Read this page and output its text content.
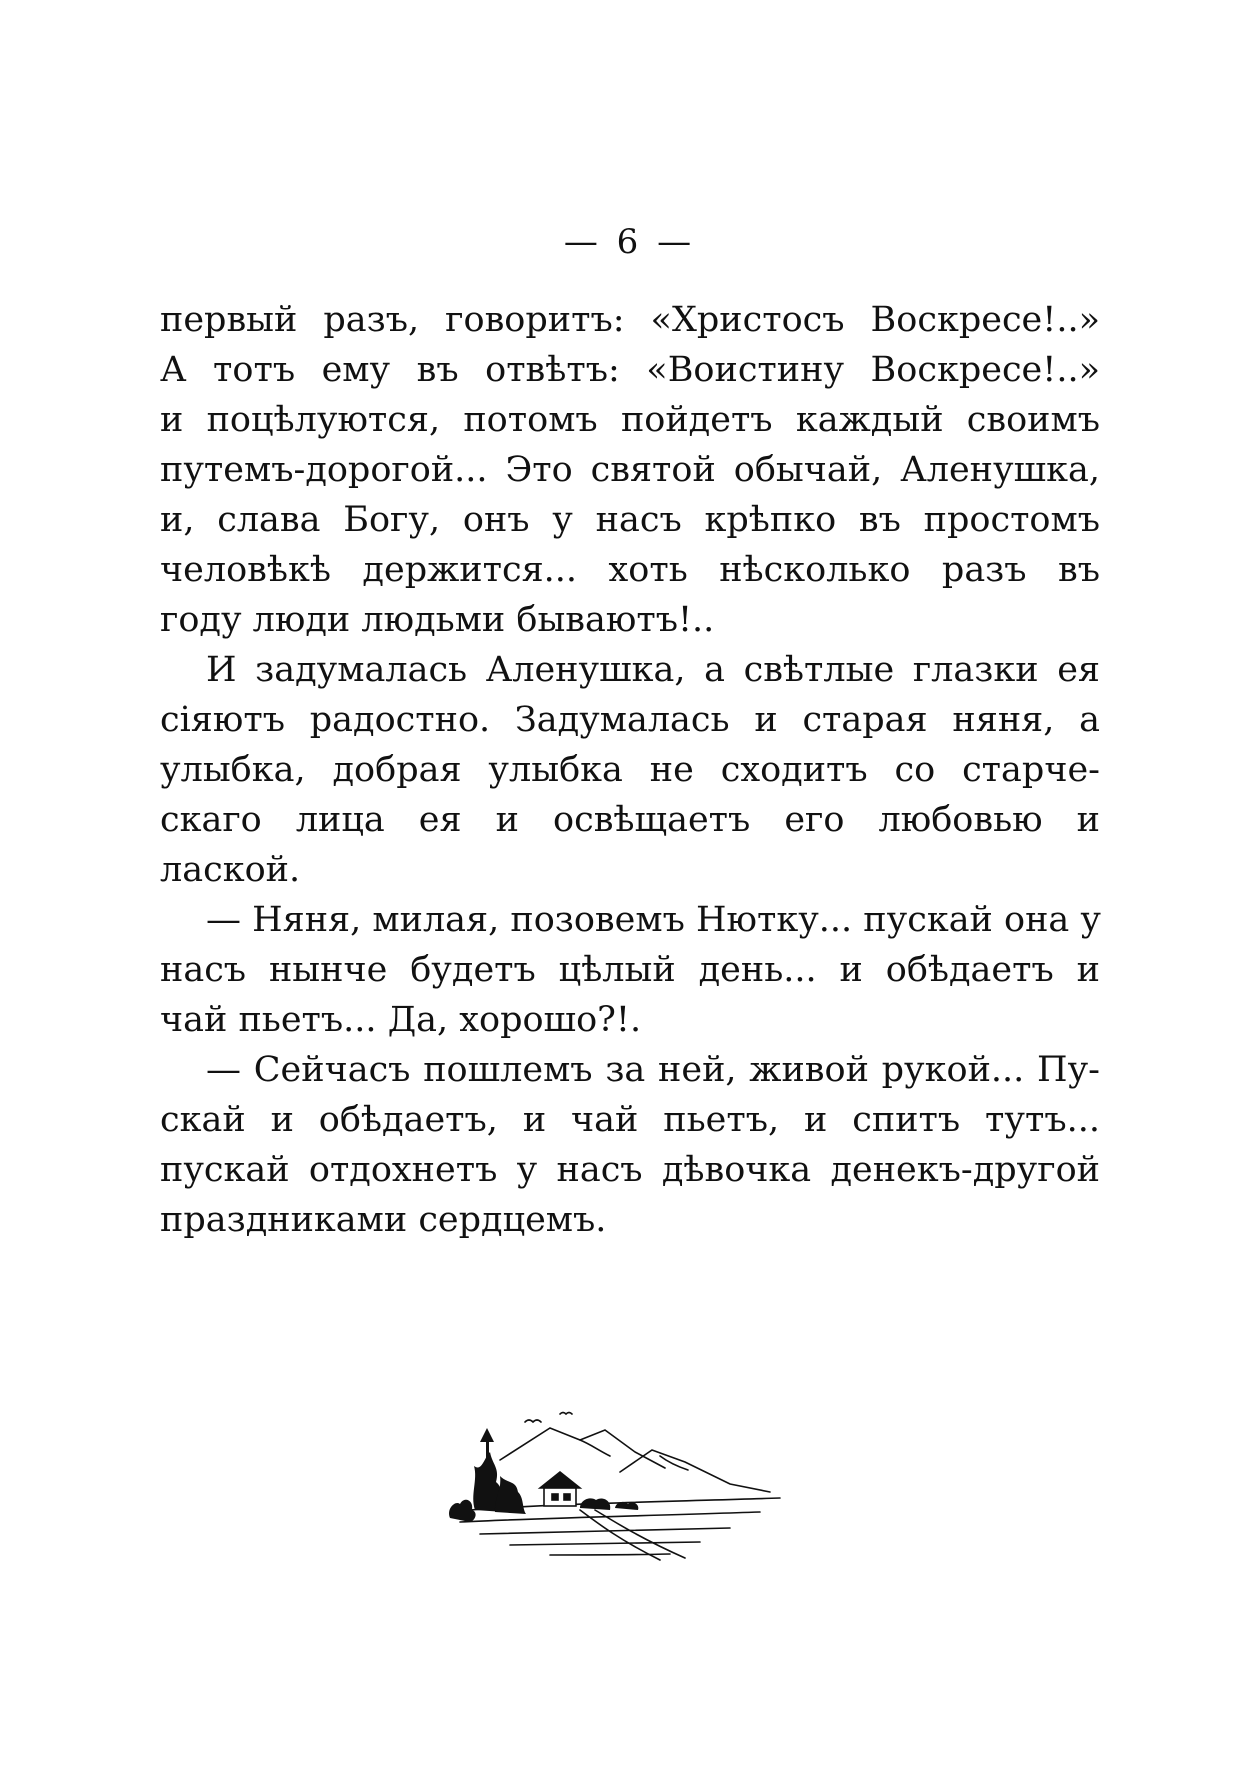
— 6 —
первый разъ, говоритъ: «Христосъ Воскресе!..»
А тотъ ему въ отвѣтъ: «Воистину Воскресе!..»
и поцѣлуются, потомъ пойдетъ каждый своимъ
путемъ-дорогой... Это святой обычай, Аленушка,
и, слава Богу, онъ у насъ крѣпко въ простомъ
человѣкѣ держится... хоть нѣсколько разъ въ
году люди людьми бываютъ!..
И задумалась Аленушка, а свѣтлые глазки ея
сіяютъ радостно. Задумалась и старая няня, а
улыбка, добрая улыбка не сходитъ со старче-
скаго лица ея и освѣщаетъ его любовью и
лаской.
— Няня, милая, позовемъ Нютку... пускай она у
насъ нынче будетъ цѣлый день... и обѣдаетъ и
чай пьетъ... Да, хорошо?!.
— Сейчасъ пошлемъ за ней, живой рукой... Пу-
скай и обѣдаетъ, и чай пьетъ, и спитъ тутъ...
пускай отдохнетъ у насъ дѣвочка денекъ-другой
праздниками сердцемъ.
